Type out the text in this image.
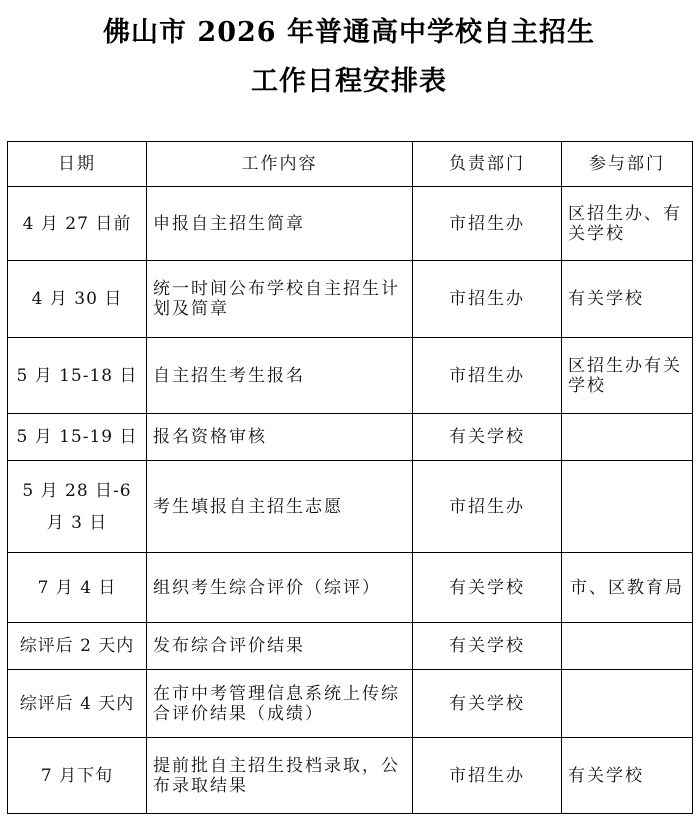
佛山市 2026 年普通高中学校自主招生
工作日程安排表
日期	工作内容	负责部门	参与部门
4 月 27 日前	申报自主招生简章	市招生办	区招生办、有关学校
4 月 30 日	统一时间公布学校自主招生计划及简章	市招生办	有关学校
5 月 15-18 日	自主招生考生报名	市招生办	区招生办有关学校
5 月 15-19 日	报名资格审核	有关学校	
5 月 28 日-6 月 3 日	考生填报自主招生志愿	市招生办	
7 月 4 日	组织考生综合评价（综评）	有关学校	市、区教育局
综评后 2 天内	发布综合评价结果	有关学校	
综评后 4 天内	在市中考管理信息系统上传综合评价结果（成绩）	有关学校	
7 月下旬	提前批自主招生投档录取，公布录取结果	市招生办	有关学校
